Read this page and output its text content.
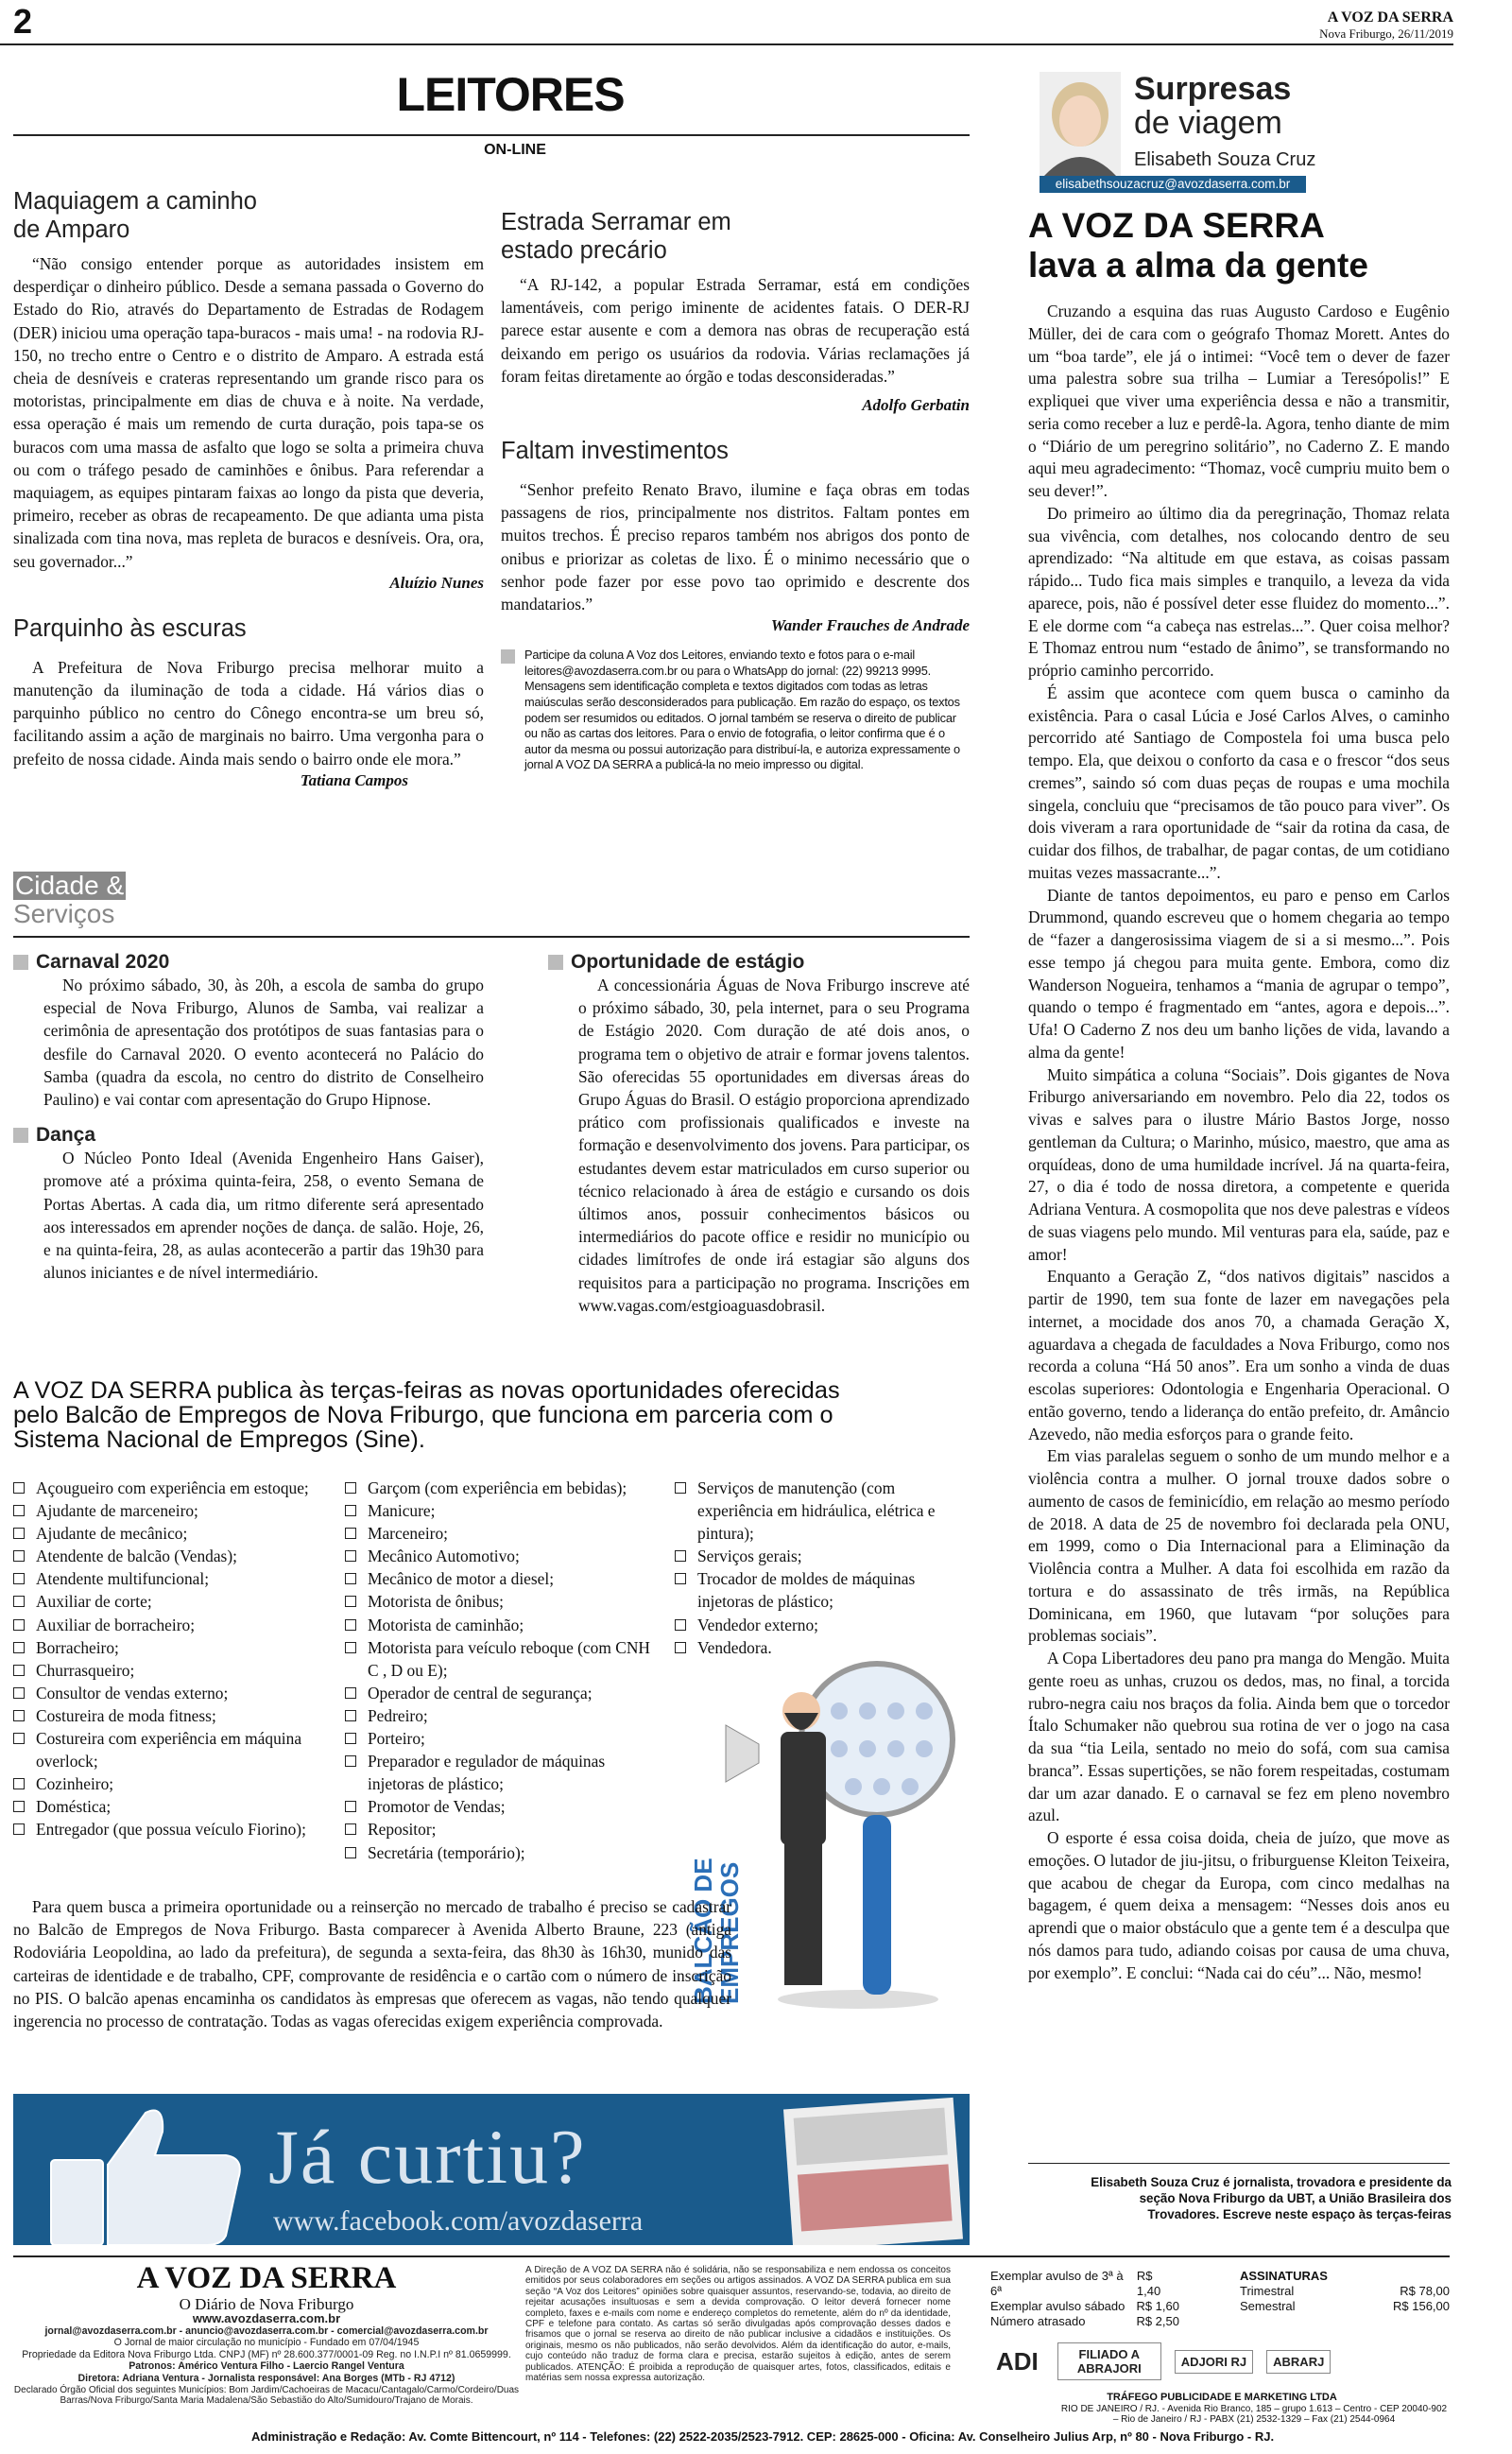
2	A VOZ DA SERRA
Nova Friburgo, 26/11/2019
LEITORES
ON-LINE
Maquiagem a caminho de Amparo

“Não consigo entender porque as autoridades insistem em desperdiçar o dinheiro público. Desde a semana passada o Governo do Estado do Rio, através do Departamento de Estradas de Rodagem (DER) iniciou uma operação tapa-buracos - mais uma! - na rodovia RJ-150, no trecho entre o Centro e o distrito de Amparo. A estrada está cheia de desníveis e crateras representando um grande risco para os motoristas, principalmente em dias de chuva e à noite. Na verdade, essa operação é mais um remendo de curta duração, pois tapa-se os buracos com uma massa de asfalto que logo se solta a primeira chuva ou com o tráfego pesado de caminhões e ônibus. Para referendar a maquiagem, as equipes pintaram faixas ao longo da pista que deveria, primeiro, receber as obras de recapeamento. De que adianta uma pista sinalizada com tina nova, mas repleta de buracos e desníveis. Ora, ora, seu governador...”

Aluízio Nunes
Parquinho às escuras

A Prefeitura de Nova Friburgo precisa melhorar muito a manutenção da iluminação de toda a cidade. Há vários dias o parquinho público no centro do Cônego encontra-se um breu só, facilitando assim a ação de marginais no bairro. Uma vergonha para o prefeito de nossa cidade. Ainda mais sendo o bairro onde ele mora.”

Tatiana Campos
Estrada Serramar em estado precário

“A RJ-142, a popular Estrada Serramar, está em condições lamentáveis, com perigo iminente de acidentes fatais. O DER-RJ parece estar ausente e com a demora nas obras de recuperação está deixando em perigo os usuários da rodovia. Várias reclamações já foram feitas diretamente ao órgão e todas desconsideradas.”

Adolfo Gerbatin
Faltam investimentos

“Senhor prefeito Renato Bravo, ilumine e faça obras em todas passagens de rios, principalmente nos distritos. Faltam pontes em muitos trechos. É preciso reparos também nos abrigos dos ponto de onibus e priorizar as coletas de lixo. É o minimo necessário que o senhor pode fazer por esse povo tao oprimido e descrente dos mandatarios.”

Wander Frauches de Andrade
Participe da coluna A Voz dos Leitores, enviando texto e fotos para o e-mail leitores@avozdaserra.com.br ou para o WhatsApp do jornal: (22) 99213 9995. Mensagens sem identificação completa e textos digitados com todas as letras maiúsculas serão desconsiderados para publicação. Em razão do espaço, os textos podem ser resumidos ou editados. O jornal também se reserva o direito de publicar ou não as cartas dos leitores. Para o envio de fotografia, o leitor confirma que é o autor da mesma ou possui autorização para distribuí-la, e autoriza expressamente o jornal A VOZ DA SERRA a publicá-la no meio impresso ou digital.
Cidade &
Serviços
Carnaval 2020

No próximo sábado, 30, às 20h, a escola de samba do grupo especial de Nova Friburgo, Alunos de Samba, vai realizar a cerimônia de apresentação dos protótipos de suas fantasias para o desfile do Carnaval 2020. O evento acontecerá no Palácio do Samba (quadra da escola, no centro do distrito de Conselheiro Paulino) e vai contar com apresentação do Grupo Hipnose.

Dança

O Núcleo Ponto Ideal (Avenida Engenheiro Hans Gaiser), promove até a próxima quinta-feira, 258, o evento Semana de Portas Abertas. A cada dia, um ritmo diferente será apresentado aos interessados em aprender noções de dança. de salão. Hoje, 26, e na quinta-feira, 28, as aulas acontecerão a partir das 19h30 para alunos iniciantes e de nível intermediário.

Oportunidade de estágio

A concessionária Águas de Nova Friburgo inscreve até o próximo sábado, 30, pela internet, para o seu Programa de Estágio 2020. Com duração de até dois anos, o programa tem o objetivo de atrair e formar jovens talentos. São oferecidas 55 oportunidades em diversas áreas do Grupo Águas do Brasil. O estágio proporciona aprendizado prático com profissionais qualificados e investe na formação e desenvolvimento dos jovens. Para participar, os estudantes devem estar matriculados em curso superior ou técnico relacionado à área de estágio e cursando os dois últimos anos, possuir conhecimentos básicos ou intermediários do pacote office e residir no município ou cidades limítrofes de onde irá estagiar são alguns dos requisitos para a participação no programa. Inscrições em www.vagas.com/estgioaguasdobrasil.

A VOZ DA SERRA publica às terças-feiras as novas oportunidades oferecidas pelo Balcão de Empregos de Nova Friburgo, que funciona em parceria com o Sistema Nacional de Empregos (Sine).
Açougueiro com experiência em estoque;
Ajudante de marceneiro;
Ajudante de mecânico;
Atendente de balcão (Vendas);
Atendente multifuncional;
Auxiliar de corte;
Auxiliar de borracheiro;
Borracheiro;
Churrasqueiro;
Consultor de vendas externo;
Costureira de moda fitness;
Costureira com experiência em máquina overlock;
Cozinheiro;
Doméstica;
Entregador (que possua veículo Fiorino);
Garçom (com experiência em bebidas);
Manicure;
Marceneiro;
Mecânico Automotivo;
Mecânico de motor a diesel;
Motorista de ônibus;
Motorista de caminhão;
Motorista para veículo reboque (com CNH C , D ou E);
Operador de central de segurança;
Pedreiro;
Porteiro;
Preparador e regulador de máquinas injetoras de plástico;
Promotor de Vendas;
Repositor;
Secretária (temporário);
Serviços de manutenção (com experiência em hidráulica, elétrica e pintura);
Serviços gerais;
Trocador de moldes de máquinas injetoras de plástico;
Vendedor externo;
Vendedora.
BALCÃO DE
EMPREGOS

Para quem busca a primeira oportunidade ou a reinserção no mercado de trabalho é preciso se cadastrar no Balcão de Empregos de Nova Friburgo. Basta comparecer à Avenida Alberto Braune, 223 (antiga Rodoviária Leopoldina, ao lado da prefeitura), de segunda a sexta-feira, das 8h30 às 16h30, munido das carteiras de identidade e de trabalho, CPF, comprovante de residência e o cartão com o número de inscrição no PIS. O balcão apenas encaminha os candidatos às empresas que oferecem as vagas, não tendo qualquer ingerencia no processo de contratação. Todas as vagas oferecidas exigem experiência comprovada.

Já curtiu?
www.facebook.com/avozdaserra
Surpresas
de viagem
Elisabeth Souza Cruz
elisabethsouzacruz@avozdaserra.com.br
A VOZ DA SERRA
lava a alma da gente

Cruzando a esquina das ruas Augusto Cardoso e Eugênio Müller, dei de cara com o geógrafo Thomaz Morett. Antes do um “boa tarde”, ele já o intimei: “Você tem o dever de fazer uma palestra sobre sua trilha – Lumiar a Teresópolis!” E expliquei que viver uma experiência dessa e não a transmitir, seria como receber a luz e perdê-la. Agora, tenho diante de mim o “Diário de um peregrino solitário”, no Caderno Z. E mando aqui meu agradecimento: “Thomaz, você cumpriu muito bem o seu dever!”.

Do primeiro ao último dia da peregrinação, Thomaz relata sua vivência, com detalhes, nos colocando dentro de seu aprendizado: “Na altitude em que estava, as coisas passam rápido... Tudo fica mais simples e tranquilo, a leveza da vida aparece, pois, não é possível deter esse fluidez do momento...”. E ele dorme com “a cabeça nas estrelas...”. Quer coisa melhor? E Thomaz entrou num “estado de ânimo”, se transformando no próprio caminho percorrido.

É assim que acontece com quem busca o caminho da existência. Para o casal Lúcia e José Carlos Alves, o caminho percorrido até Santiago de Compostela foi uma busca pelo tempo. Ela, que deixou o conforto da casa e o frescor “dos seus cremes”, saindo só com duas peças de roupas e uma mochila singela, concluiu que “precisamos de tão pouco para viver”. Os dois viveram a rara oportunidade de “sair da rotina da casa, de cuidar dos filhos, de trabalhar, de pagar contas, de um cotidiano muitas vezes massacrante...”.

Diante de tantos depoimentos, eu paro e penso em Carlos Drummond, quando escreveu que o homem chegaria ao tempo de “fazer a dangerosissima viagem de si a si mesmo...”. Pois esse tempo já chegou para muita gente. Embora, como diz Wanderson Nogueira, tenhamos a “mania de agrupar o tempo”, quando o tempo é fragmentado em “antes, agora e depois...”. Ufa! O Caderno Z nos deu um banho lições de vida, lavando a alma da gente!

Muito simpática a coluna “Sociais”. Dois gigantes de Nova Friburgo aniversariando em novembro. Pelo dia 22, todos os vivas e salves para o ilustre Mário Bastos Jorge, nosso gentleman da Cultura; o Marinho, músico, maestro, que ama as orquídeas, dono de uma humildade incrível. Já na quarta-feira, 27, o dia é todo de nossa diretora, a competente e querida Adriana Ventura. A cosmopolita que nos deve palestras e vídeos de suas viagens pelo mundo. Mil venturas para ela, saúde, paz e amor!

Enquanto a Geração Z, “dos nativos digitais” nascidos a partir de 1990, tem sua fonte de lazer em navegações pela internet, a mocidade dos anos 70, a chamada Geração X, aguardava a chegada de faculdades a Nova Friburgo, como nos recorda a coluna “Há 50 anos”. Era um sonho a vinda de duas escolas superiores: Odontologia e Engenharia Operacional. O então governo, tendo a liderança do então prefeito, dr. Amâncio Azevedo, não media esforços para o grande feito.

Em vias paralelas seguem o sonho de um mundo melhor e a violência contra a mulher. O jornal trouxe dados sobre o aumento de casos de feminicídio, em relação ao mesmo período de 2018. A data de 25 de novembro foi declarada pela ONU, em 1999, como o Dia Internacional para a Eliminação da Violência contra a Mulher. A data foi escolhida em razão da tortura e do assassinato de três irmãs, na República Dominicana, em 1960, que lutavam “por soluções para problemas sociais”.

A Copa Libertadores deu pano pra manga do Mengão. Muita gente roeu as unhas, cruzou os dedos, mas, no final, a torcida rubro-negra caiu nos braços da folia. Ainda bem que o torcedor Ítalo Schumaker não quebrou sua rotina de ver o jogo na casa da sua “tia Leila, sentado no meio do sofá, com sua camisa branca”. Essas supertições, se não forem respeitadas, costumam dar um azar danado. E o carnaval se fez em pleno novembro azul.

O esporte é essa coisa doida, cheia de juízo, que move as emoções. O lutador de jiu-jitsu, o friburguense Kleiton Teixeira, que acabou de chegar da Europa, com cinco medalhas na bagagem, é quem deixa a mensagem: “Nesses dois anos eu aprendi que o maior obstáculo que a gente tem é a desculpa que nós damos para tudo, adiando coisas por causa de uma chuva, por exemplo”. E conclui: “Nada cai do céu”... Não, mesmo!

Elisabeth Souza Cruz é jornalista, trovadora e presidente da seção Nova Friburgo da UBT, a União Brasileira dos Trovadores. Escreve neste espaço às terças-feiras
A VOZ DA SERRA
O Diário de Nova Friburgo
www.avozdaserra.com.br
jornal@avozdaserra.com.br - anuncio@avozdaserra.com.br - comercial@avozdaserra.com.br
O Jornal de maior circulação no município - Fundado em 07/04/1945
Propriedade da Editora Nova Friburgo Ltda. CNPJ (MF) nº 28.600.377/0001-09 Reg. no I.N.P.I nº 81.0659999.
Patronos: Américo Ventura Filho - Laercio Rangel Ventura
Diretora: Adriana Ventura - Jornalista responsável: Ana Borges (MTb - RJ 4712)
Declarado Órgão Oficial dos seguintes Municípios: Bom Jardim/Cachoeiras de Macacu/Cantagalo/Carmo/Cordeiro/Duas Barras/Nova Friburgo/Santa Maria Madalena/São Sebastião do Alto/Sumidouro/Trajano de Morais.
A Direção de A VOZ DA SERRA não é solidária, não se responsabiliza e nem endossa os conceitos emitidos por seus colaboradores em seções ou artigos assinados. A VOZ DA SERRA publica em sua seção “A Voz dos Leitores” opiniões sobre quaisquer assuntos, reservando-se, todavia, ao direito de rejeitar acusações insultuosas e sem a devida comprovação. O leitor deverá fornecer nome completo, faxes e e-mails com nome e endereço completos do remetente, além do nº da identidade, CPF e telefone para contato. As cartas só serão divulgadas após comprovação desses dados e frisamos que o jornal se reserva ao direito de não publicar inclusive a cidadãos e instituições. Os originais, mesmo os não publicados, não serão devolvidos. Além da identificação do autor, e-mails, cujo conteúdo não traduz de forma clara e precisa, estarão sujeitos à edição, antes de serem publicados. ATENÇÃO: É proibida a reprodução de quaisquer artes, fotos, classificados, editais e matérias sem nossa expressa autorização.
Exemplar avulso de 3ª à 6ª
R$ 1,40
Exemplar avulso sábado R$ 1,60
Número atrasado	R$ 2,50
ASSINATURAS
Trimestral	R$ 78,00
Semestral	R$ 156,00
ADI	FILIADO A ABRAJORI	ADJORI RJ	ABRARJ
TRÁFEGO PUBLICIDADE E MARKETING LTDA
RIO DE JANEIRO / RJ. - Avenida Rio Branco, 185 – grupo 1.613 – Centro - CEP 20040-902 – Rio de Janeiro / RJ - PABX (21) 2532-1329 – Fax (21) 2544-0964
Administração e Redação: Av. Comte Bittencourt, nº 114 - Telefones: (22) 2522-2035/2523-7912. CEP: 28625-000 - Oficina: Av. Conselheiro Julius Arp, nº 80 - Nova Friburgo - RJ.
